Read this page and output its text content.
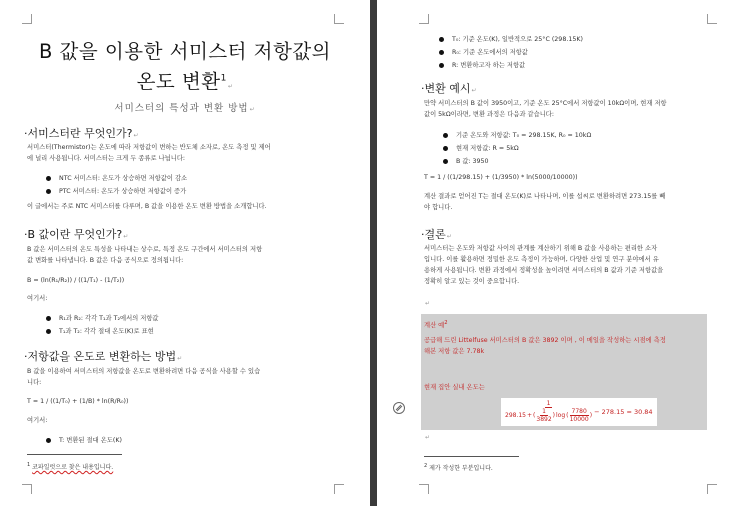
B 값을 이용한 서미스터 저항값의
온도 변환$^1$↵
서미스터의 특성과 변환 방법↵
·서미스터란 무엇인가?↵
서미스터(Thermistor)는 온도에 따라 저항값이 변하는 반도체 소자로, 온도 측정 및 제어
에 널리 사용됩니다. 서미스터는 크게 두 종류로 나뉩니다:
NTC 서미스터: 온도가 상승하면 저항값이 감소
PTC 서미스터: 온도가 상승하면 저항값이 증가
이 글에서는 주로 NTC 서미스터를 다루며, B 값을 이용한 온도 변환 방법을 소개합니다.
·B 값이란 무엇인가?↵
B 값은 서미스터의 온도 특성을 나타내는 상수로, 특정 온도 구간에서 서미스터의 저항
값 변화를 나타냅니다. B 값은 다음 공식으로 정의됩니다:
B = (ln(R₁/R₂)) / ((1/T₁) - (1/T₂))
여기서:
R₁과 R₂: 각각 T₁과 T₂에서의 저항값
T₁과 T₂: 각각 절대 온도(K)로 표현
·저항값을 온도로 변환하는 방법↵
B 값을 이용하여 서미스터의 저항값을 온도로 변환하려면 다음 공식을 사용할 수 있습
니다:
T = 1 / ((1/T₀) + (1/B) * ln(R/R₀))
여기서:
T: 변환된 절대 온도(K)
$^1$ 코파일럿으로 찾은 내용입니다.
T₀: 기준 온도(K), 일반적으로 25°C (298.15K)
R₀: 기준 온도에서의 저항값
R: 변환하고자 하는 저항값
·변환 예시↵
만약 서미스터의 B 값이 3950이고, 기준 온도 25°C에서 저항값이 10kΩ이며, 현재 저항
값이 5kΩ이라면, 변환 과정은 다음과 같습니다:
기준 온도와 저항값: T₀ = 298.15K, R₀ = 10kΩ
현재 저항값: R = 5kΩ
B 값: 3950
T = 1 / ((1/298.15) + (1/3950) * ln(5000/10000))
계산 결과로 얻어진 T는 절대 온도(K)로 나타나며, 이를 섭씨로 변환하려면 273.15를 빼
야 합니다.
·결론↵
서미스터는 온도와 저항값 사이의 관계를 계산하기 위해 B 값을 사용하는 편리한 소자
입니다. 이를 활용하면 정밀한 온도 측정이 가능하며, 다양한 산업 및 연구 분야에서 유
용하게 사용됩니다. 변환 과정에서 정확성을 높이려면 서미스터의 B 값과 기준 저항값을
정확히 알고 있는 것이 중요합니다.
↵
계산 예$^2$
공급해 드린 Littelfuse 서미스터의 B 값은 3892 이며 , 이 메일을 작성하는 시점에 측정
해본 저항 값은 7.78k
현재 집안 실내 온도는
1
298.15 + ( $\frac{1}{3892}$ ) log ( $\frac{7780}{10000}$ ) − 278.15 = 30.84
↵
$^2$ 제가 작성한 부분입니다.
